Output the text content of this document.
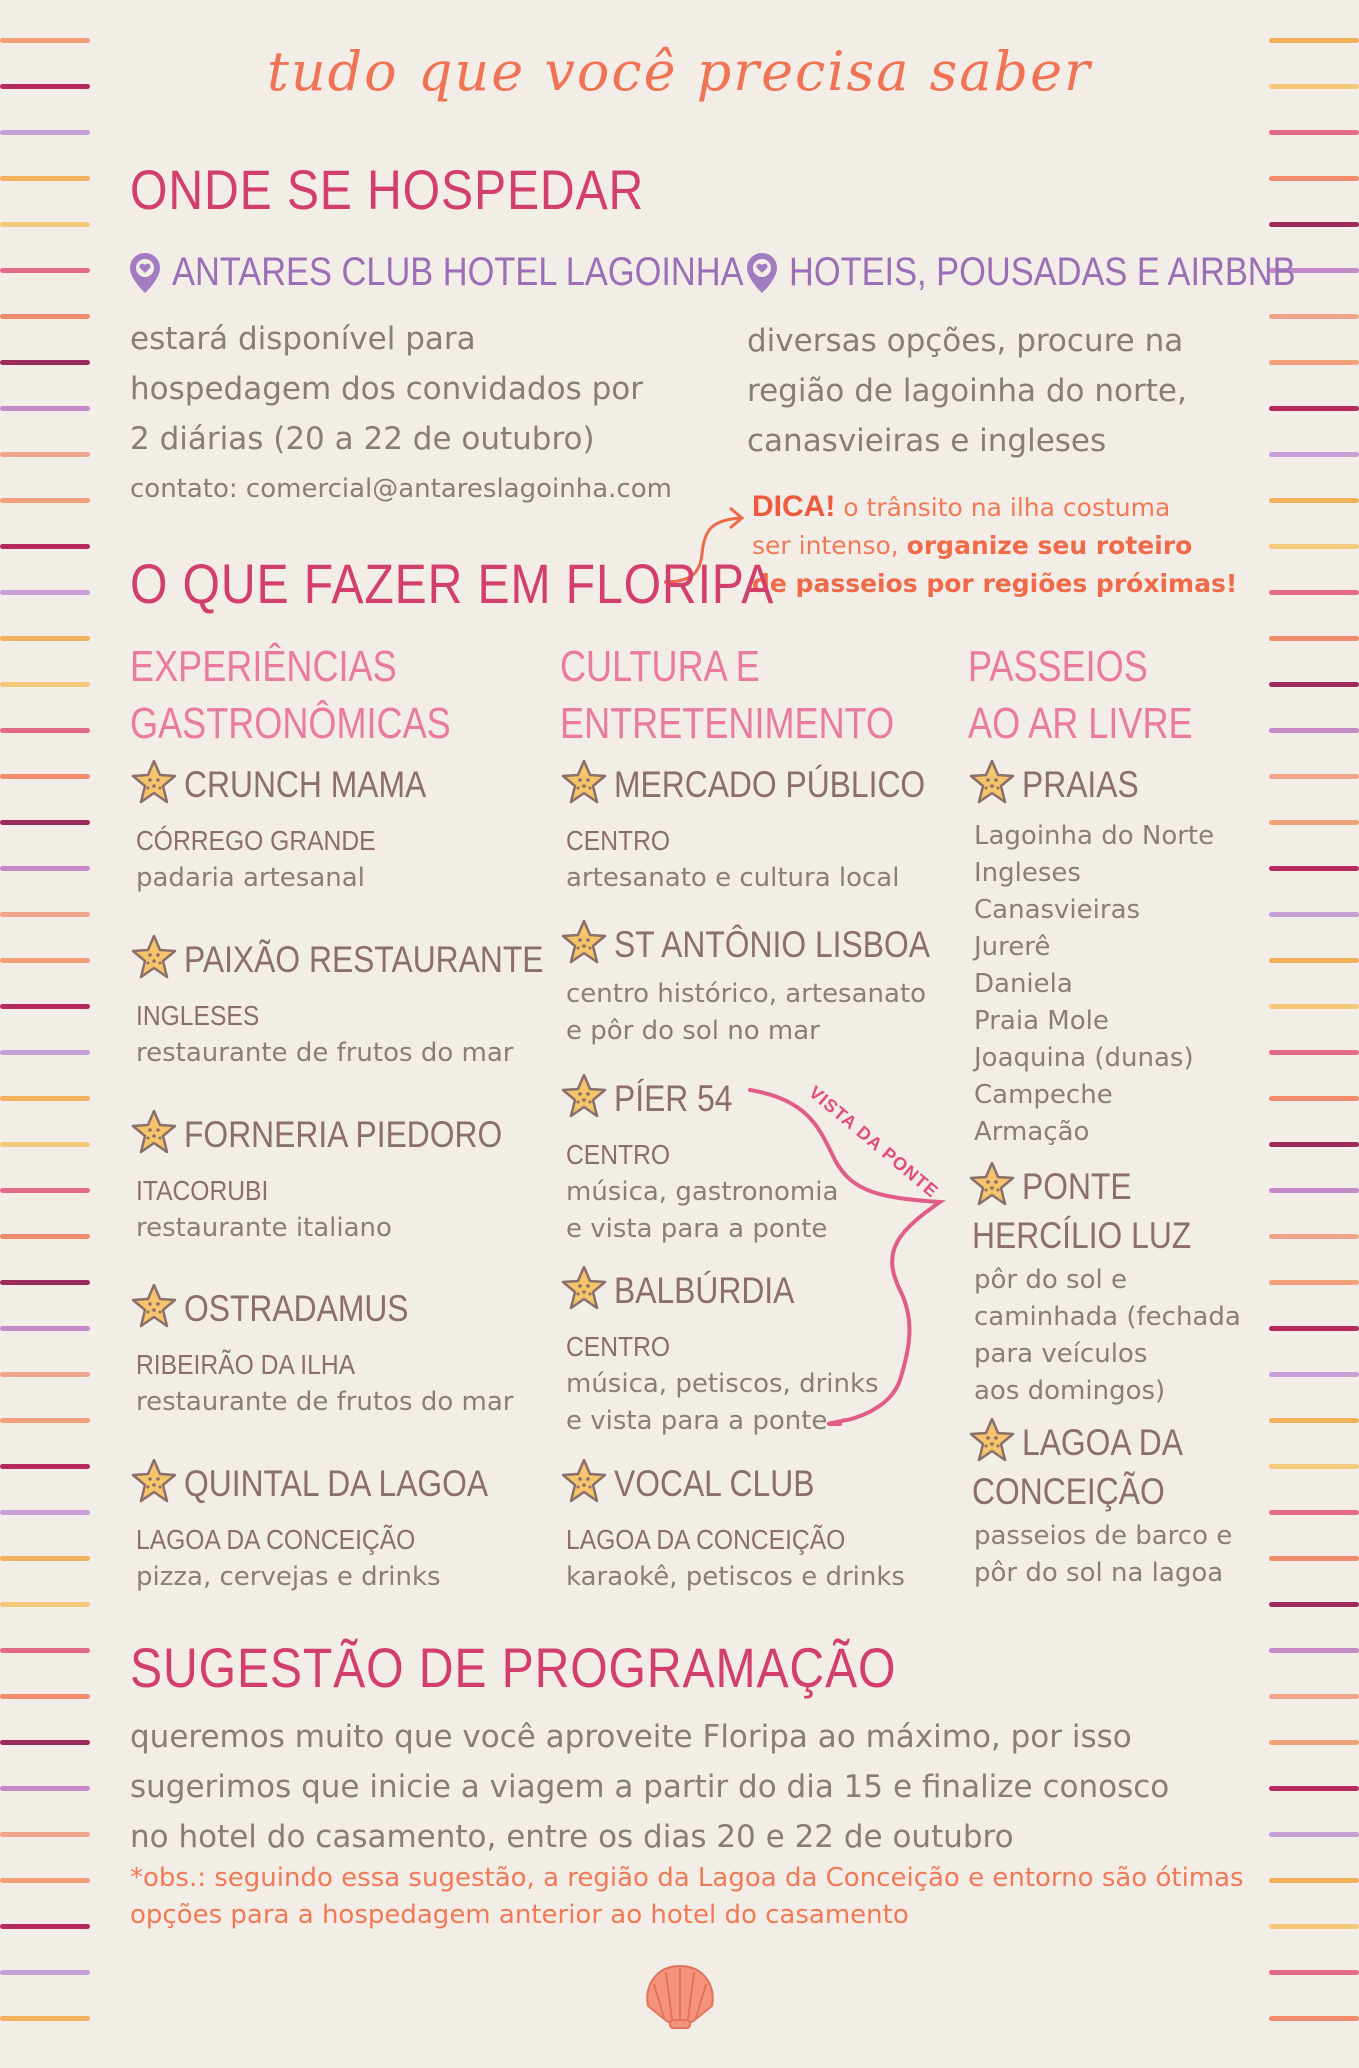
tudo que você precisa saber
ONDE SE HOSPEDAR
ANTARES CLUB HOTEL LAGOINHA
estará disponível para
hospedagem dos convidados por
2 diárias (20 a 22 de outubro)
contato: comercial@antareslagoinha.com
HOTEIS, POUSADAS E AIRBNB
diversas opções, procure na
região de lagoinha do norte,
canasvieiras e ingleses
DICA! o trânsito na ilha costuma
ser intenso, organize seu roteiro
de passeios por regiões próximas!
O QUE FAZER EM FLORIPA
EXPERIÊNCIAS
GASTRONÔMICAS
CULTURA E
ENTRETENIMENTO
PASSEIOS
AO AR LIVRE
CRUNCH MAMA
CÓRREGO GRANDE
padaria artesanal
PAIXÃO RESTAURANTE
INGLESES
restaurante de frutos do mar
FORNERIA PIEDORO
ITACORUBI
restaurante italiano
OSTRADAMUS
RIBEIRÃO DA ILHA
restaurante de frutos do mar
QUINTAL DA LAGOA
LAGOA DA CONCEIÇÃO
pizza, cervejas e drinks
MERCADO PÚBLICO
CENTRO
artesanato e cultura local
ST ANTÔNIO LISBOA
centro histórico, artesanato
e pôr do sol no mar
PÍER 54
CENTRO
música, gastronomia
e vista para a ponte
BALBÚRDIA
CENTRO
música, petiscos, drinks
e vista para a ponte
VOCAL CLUB
LAGOA DA CONCEIÇÃO
karaokê, petiscos e drinks
VISTA DA PONTE
PRAIAS
Lagoinha do Norte
Ingleses
Canasvieiras
Jurerê
Daniela
Praia Mole
Joaquina (dunas)
Campeche
Armação
PONTE
HERCÍLIO LUZ
pôr do sol e
caminhada (fechada
para veículos
aos domingos)
LAGOA DA
CONCEIÇÃO
passeios de barco e
pôr do sol na lagoa
SUGESTÃO DE PROGRAMAÇÃO
queremos muito que você aproveite Floripa ao máximo, por isso
sugerimos que inicie a viagem a partir do dia 15 e finalize conosco
no hotel do casamento, entre os dias 20 e 22 de outubro
*obs.: seguindo essa sugestão, a região da Lagoa da Conceição e entorno são ótimas
opções para a hospedagem anterior ao hotel do casamento
